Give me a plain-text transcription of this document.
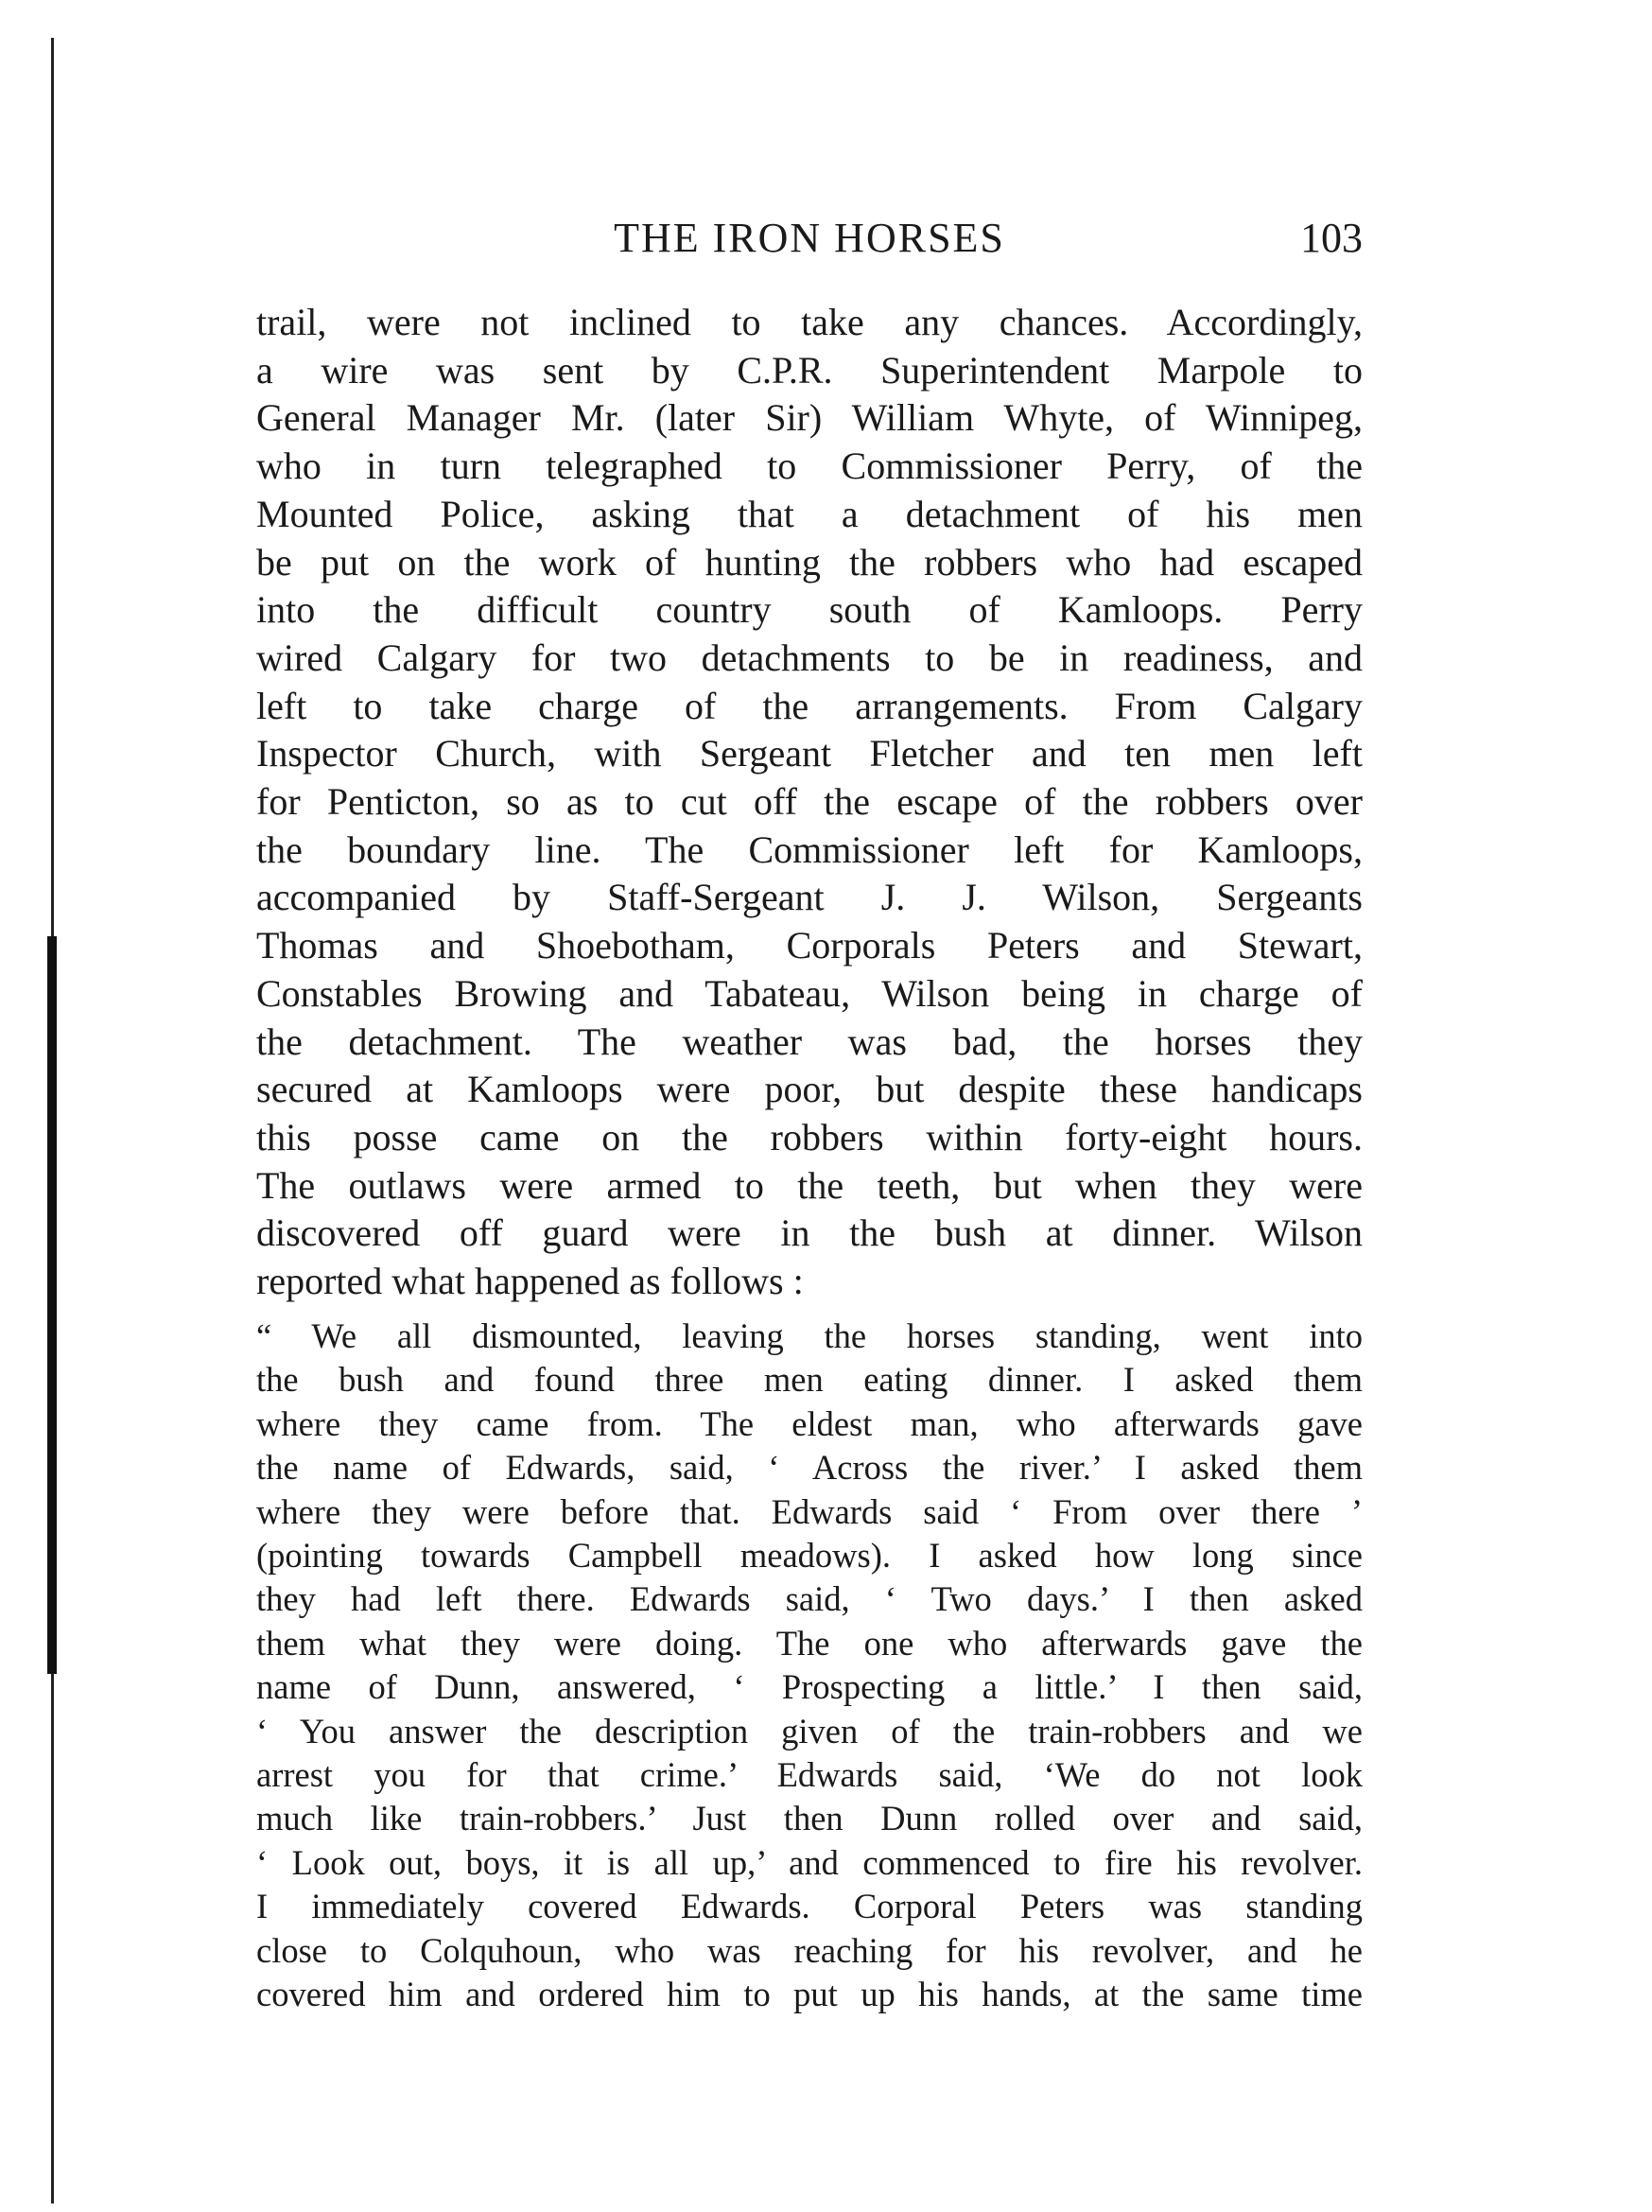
THE IRON HORSES	103
trail, were not inclined to take any chances. Accordingly,
a wire was sent by C.P.R. Superintendent Marpole to
General Manager Mr. (later Sir) William Whyte, of Winnipeg,
who in turn telegraphed to Commissioner Perry, of the
Mounted Police, asking that a detachment of his men
be put on the work of hunting the robbers who had escaped
into the difficult country south of Kamloops. Perry
wired Calgary for two detachments to be in readiness, and
left to take charge of the arrangements. From Calgary
Inspector Church, with Sergeant Fletcher and ten men left
for Penticton, so as to cut off the escape of the robbers over
the boundary line. The Commissioner left for Kamloops,
accompanied by Staff-Sergeant J. J. Wilson, Sergeants
Thomas and Shoebotham, Corporals Peters and Stewart,
Constables Browing and Tabateau, Wilson being in charge of
the detachment. The weather was bad, the horses they
secured at Kamloops were poor, but despite these handicaps
this posse came on the robbers within forty-eight hours.
The outlaws were armed to the teeth, but when they were
discovered off guard were in the bush at dinner. Wilson
reported what happened as follows :
“ We all dismounted, leaving the horses standing, went into
the bush and found three men eating dinner. I asked them
where they came from. The eldest man, who afterwards gave
the name of Edwards, said, ‘ Across the river.’ I asked them
where they were before that. Edwards said ‘ From over there ’
(pointing towards Campbell meadows). I asked how long since
they had left there. Edwards said, ‘ Two days.’ I then asked
them what they were doing. The one who afterwards gave the
name of Dunn, answered, ‘ Prospecting a little.’ I then said,
‘ You answer the description given of the train-robbers and we
arrest you for that crime.’ Edwards said, ‘We do not look
much like train-robbers.’ Just then Dunn rolled over and said,
‘ Look out, boys, it is all up,’ and commenced to fire his revolver.
I immediately covered Edwards. Corporal Peters was standing
close to Colquhoun, who was reaching for his revolver, and he
covered him and ordered him to put up his hands, at the same time
